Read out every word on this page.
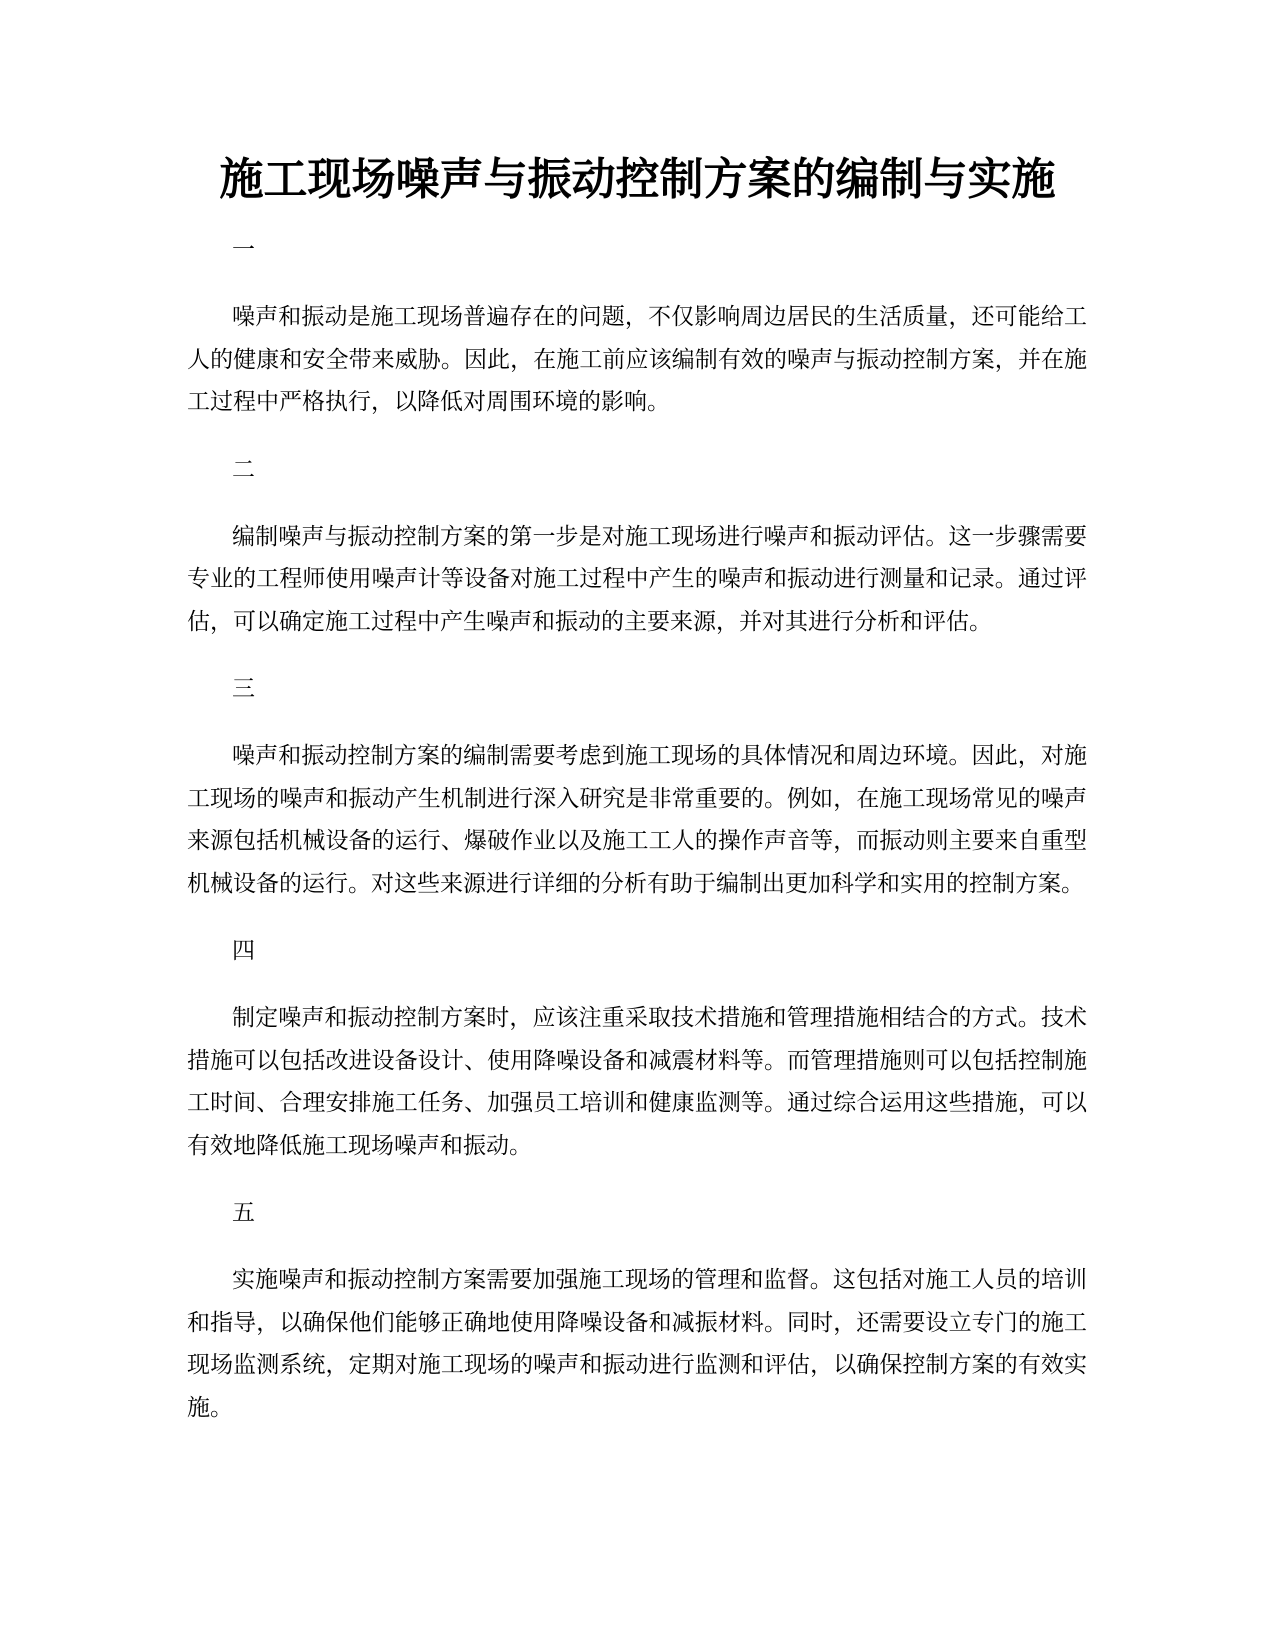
施工现场噪声与振动控制方案的编制与实施

一

噪声和振动是施工现场普遍存在的问题，不仅影响周边居民的生活质量，还可能给工人的健康和安全带来威胁。因此，在施工前应该编制有效的噪声与振动控制方案，并在施工过程中严格执行，以降低对周围环境的影响。

二

编制噪声与振动控制方案的第一步是对施工现场进行噪声和振动评估。这一步骤需要专业的工程师使用噪声计等设备对施工过程中产生的噪声和振动进行测量和记录。通过评估，可以确定施工过程中产生噪声和振动的主要来源，并对其进行分析和评估。

三

噪声和振动控制方案的编制需要考虑到施工现场的具体情况和周边环境。因此，对施工现场的噪声和振动产生机制进行深入研究是非常重要的。例如，在施工现场常见的噪声来源包括机械设备的运行、爆破作业以及施工工人的操作声音等，而振动则主要来自重型机械设备的运行。对这些来源进行详细的分析有助于编制出更加科学和实用的控制方案。

四

制定噪声和振动控制方案时，应该注重采取技术措施和管理措施相结合的方式。技术措施可以包括改进设备设计、使用降噪设备和减震材料等。而管理措施则可以包括控制施工时间、合理安排施工任务、加强员工培训和健康监测等。通过综合运用这些措施，可以有效地降低施工现场噪声和振动。

五

实施噪声和振动控制方案需要加强施工现场的管理和监督。这包括对施工人员的培训和指导，以确保他们能够正确地使用降噪设备和减振材料。同时，还需要设立专门的施工现场监测系统，定期对施工现场的噪声和振动进行监测和评估，以确保控制方案的有效实施。
